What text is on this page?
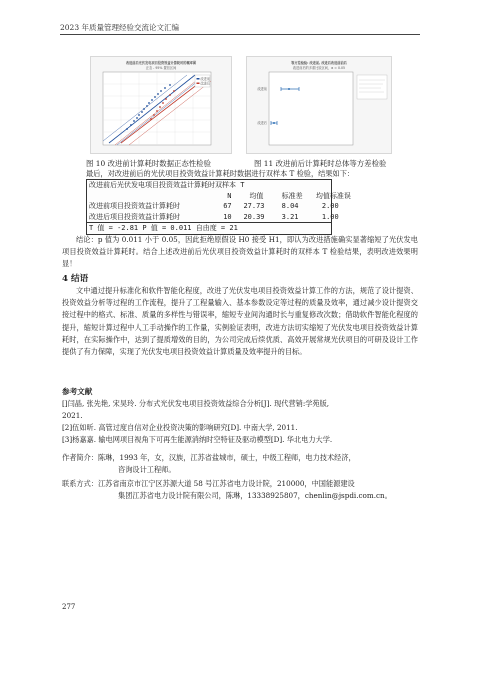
2023 年质量管理经验交流论文汇编
改进前后光伏发电项目投资效益计算耗时的概率图
正态 - 95% 置信区间
改进前
改进后
等方差检验: 改进前, 改进后改进前前后
改进前后的多重比较区间，α = 0.05
改进前
改进后
图 10 改进前计算耗时数据正态性检验	图 11 改进前后计算耗时总体等方差检验
最后，对改进前后的光伏项目投资效益计算耗时数据进行双样本 T 检验，结果如下：
改进前后光伏发电项目投资效益计算耗时双样本 T
N	均值	标准差 均值标准误
改进前项目投资效益计算耗时	67 27.73 8.04	2.00
改进后项目投资效益计算耗时	10 20.39 3.21	1.00
T 值 = -2.81 P 值 = 0.011 自由度 = 21

结论：p 值为 0.011 小于 0.05，因此拒绝原假设 H0 接受 H1，即认为改进措施确实显著缩短了光伏发电项目投资效益计算耗时。结合上述改进前后光伏项目投资效益计算耗时的双样本 T 检验结果，表明改进效果明显！

4 结语

文中通过提升标准化和软件智能化程度，改进了光伏发电项目投资效益计算工作的方法，规范了设计提资、投资效益分析等过程的工作流程，提升了工程量输入、基本参数设定等过程的质量及效率，通过减少设计提资交接过程中的格式、标准、质量的多样性与错误率，缩短专业间沟通时长与重复修改次数；借助软件智能化程度的提升，缩短计算过程中人工手动操作的工作量，实例验证表明，改进方法切实缩短了光伏发电项目投资效益计算耗时，在实际操作中，达到了提质增效的目的，为公司完成后续优质、高效开展常规光伏项目的可研及设计工作提供了有力保障，实现了光伏发电项目投资效益计算质量及效率提升的目标。

参考文献
[]闫晶, 张先艳, 宋昊玲. 分布式光伏发电项目投资效益综合分析[J]. 现代营销:学苑版,
2021.
[2]伍如昕. 高管过度自信对企业投资决策的影响研究[D]. 中南大学, 2011.
[3]杨嘉嘉. 输电网项目视角下可再生能源消纳时空特征及驱动模型[D]. 华北电力大学.
作者简介：陈琳，1993 年，女，汉族，江苏省盐城市，硕士，中级工程师，电力技术经济，
咨询设计工程师。
联系方式：江苏省南京市江宁区苏源大道 58 号江苏省电力设计院，210000，中国能源建设
集团江苏省电力设计院有限公司，陈琳，13338925807，chenlin@jspdi.com.cn。
277
